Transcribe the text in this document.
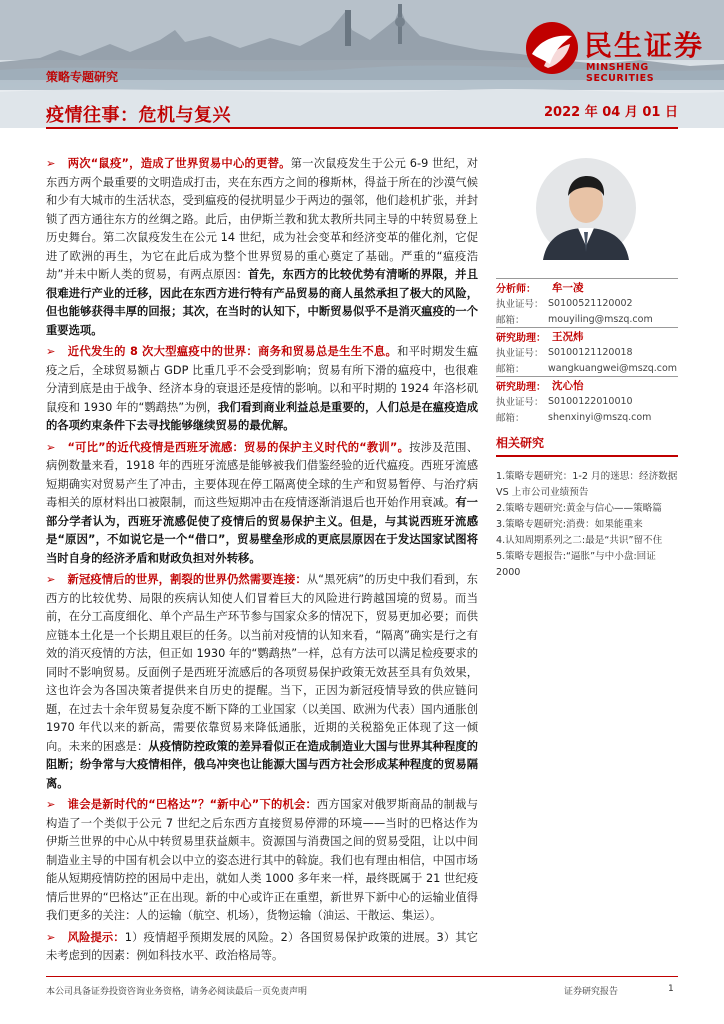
民生证券
MINSHENG SECURITIES
策略专题研究
疫情往事：危机与复兴	2022 年 04 月 01 日

➢ 两次“鼠疫”，造成了世界贸易中心的更替。第一次鼠疫发生于公元 6-9 世纪，对东西方两个最重要的文明造成打击，夹在东西方之间的穆斯林，得益于所在的沙漠气候和少有大城市的生活状态，受到瘟疫的侵扰明显少于两边的强邻，他们趁机扩张，并封锁了西方通往东方的丝绸之路。此后，由伊斯兰教和犹太教所共同主导的中转贸易登上历史舞台。第二次鼠疫发生在公元 14 世纪，成为社会变革和经济变革的催化剂，它促进了欧洲的再生，为它在此后成为整个世界贸易的重心奠定了基础。严重的“瘟疫浩劫”并未中断人类的贸易，有两点原因：首先，东西方的比较优势有清晰的界限，并且很难进行产业的迁移，因此在东西方进行特有产品贸易的商人虽然承担了极大的风险，但也能够获得丰厚的回报；其次，在当时的认知下，中断贸易似乎不是消灭瘟疫的一个重要选项。

➢ 近代发生的 8 次大型瘟疫中的世界：商务和贸易总是生生不息。和平时期发生瘟疫之后，全球贸易额占 GDP 比重几乎不会受到影响；贸易有所下滑的瘟疫中，也很难分清到底是由于战争、经济本身的衰退还是疫情的影响。以和平时期的 1924 年洛杉矶鼠疫和 1930 年的“鹦鹉热”为例，我们看到商业利益总是重要的，人们总是在瘟疫造成的各项约束条件下去寻找能够继续贸易的最优解。

➢ “可比”的近代疫情是西班牙流感：贸易的保护主义时代的“教训”。按涉及范围、病例数量来看，1918 年的西班牙流感是能够被我们借鉴经验的近代瘟疫。西班牙流感短期确实对贸易产生了冲击，主要体现在停工隔离使全球的生产和贸易暂停、与治疗病毒相关的原材料出口被限制，而这些短期冲击在疫情逐渐消退后也开始作用衰减。有一部分学者认为，西班牙流感促使了疫情后的贸易保护主义。但是，与其说西班牙流感是“原因”，不如说它是一个“借口”，贸易壁垒形成的更底层原因在于发达国家试图将当时自身的经济矛盾和财政负担对外转移。

➢ 新冠疫情后的世界，割裂的世界仍然需要连接：从“黑死病”的历史中我们看到，东西方的比较优势、局限的疾病认知使人们冒着巨大的风险进行跨越国境的贸易。而当前，在分工高度细化、单个产品生产环节参与国家众多的情况下，贸易更加必要；而供应链本土化是一个长期且艰巨的任务。以当前对疫情的认知来看，“隔离”确实是行之有效的消灭疫情的方法，但正如 1930 年的“鹦鹉热”一样，总有方法可以满足检疫要求的同时不影响贸易。反面例子是西班牙流感后的各项贸易保护政策无效甚至具有负效果，这也许会为各国决策者提供来自历史的提醒。当下，正因为新冠疫情导致的供应链问题，在过去十余年贸易复杂度不断下降的工业国家（以美国、欧洲为代表）国内通胀创 1970 年代以来的新高，需要依靠贸易来降低通胀，近期的关税豁免正体现了这一倾向。未来的困惑是：从疫情防控政策的差异看似正在造成制造业大国与世界其种程度的阻断；纷争常与大疫情相伴，俄乌冲突也让能源大国与西方社会形成某种程度的贸易隔离。

➢ 谁会是新时代的“巴格达”？“新中心”下的机会：西方国家对俄罗斯商品的制裁与构造了一个类似于公元 7 世纪之后东西方直接贸易停滞的环境——当时的巴格达作为伊斯兰世界的中心从中转贸易里获益颇丰。资源国与消费国之间的贸易受阻，让以中间制造业主导的中国有机会以中立的姿态进行其中的斡旋。我们也有理由相信，中国市场能从短期疫情防控的困局中走出，就如人类 1000 多年来一样，最终既属于 21 世纪疫情后世界的“巴格达”正在出现。新的中心或许正在重塑，新世界下新中心的运输业值得我们更多的关注：人的运输（航空、机场），货物运输（油运、干散运、集运）。

➢ 风险提示：1）疫情超乎预期发展的风险。2）各国贸易保护政策的进展。3）其它未考虑到的因素：例如科技水平、政治格局等。

分析师：	牟一凌
执业证号： S0100521120002
邮箱：	mouyiling@mszq.com
研究助理： 王况炜
执业证号： S0100121120018
邮箱：	wangkuangwei@mszq.com
研究助理： 沈心怡
执业证号： S0100122010010
邮箱：	shenxinyi@mszq.com
相关研究
1.策略专题研究：1-2 月的迷思：经济数据 VS 上市公司业绩预告
2.策略专题研究:黄金与信心——策略篇
3.策略专题研究:消费：如果能重来
4.认知周期系列之二:最是“共识”留不住
5.策略专题报告:“逼胀”与中小盘:回证 2000
本公司具备证券投资咨询业务资格，请务必阅读最后一页免责声明	证券研究报告	1
